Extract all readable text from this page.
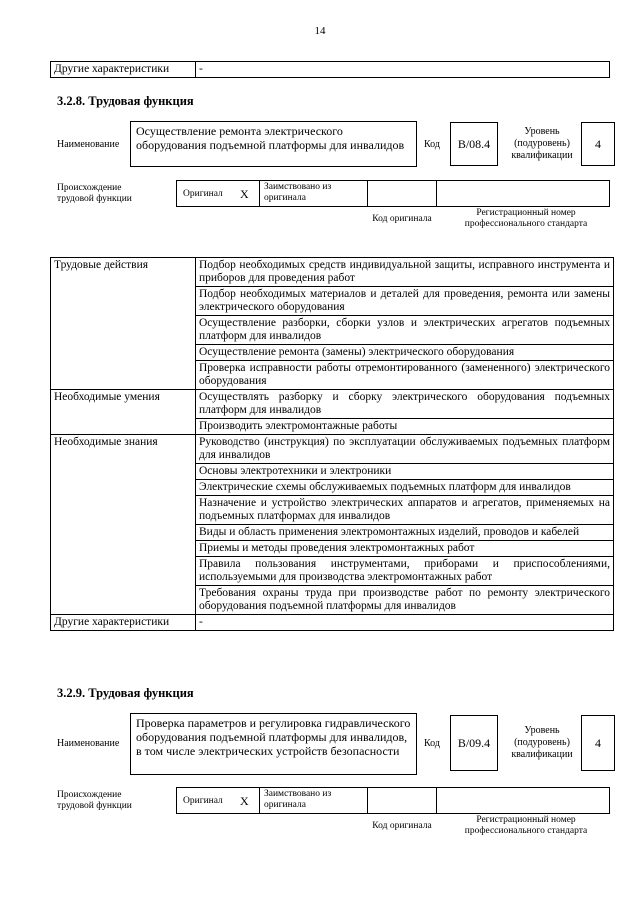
14
Другие характеристики	-
3.2.8. Трудовая функция
Наименование
Осуществление ремонта электрического оборудования подъемной платформы для инвалидов	Код	В/08.4
Уровень (подуровень) квалификации
4
Происхождение трудовой функции	Оригинал X Заимствовано из оригинала
Код оригинала
Регистрационный номер профессионального стандарта
Трудовые действия	Подбор необходимых средств индивидуальной защиты, исправного инструмента и приборов для проведения работ
	Подбор необходимых материалов и деталей для проведения, ремонта или замены электрического оборудования
	Осуществление разборки, сборки узлов и электрических агрегатов подъемных платформ для инвалидов
	Осуществление ремонта (замены) электрического оборудования
	Проверка исправности работы отремонтированного (замененного) электрического оборудования
Необходимые умения	Осуществлять разборку и сборку электрического оборудования подъемных платформ для инвалидов
	Производить электромонтажные работы
Необходимые знания	Руководство (инструкция) по эксплуатации обслуживаемых подъемных платформ для инвалидов
	Основы электротехники и электроники
	Электрические схемы обслуживаемых подъемных платформ для инвалидов
	Назначение и устройство электрических аппаратов и агрегатов, применяемых на подъемных платформах для инвалидов
	Виды и область применения электромонтажных изделий, проводов и кабелей
	Приемы и методы проведения электромонтажных работ
	Правила пользования инструментами, приборами и приспособлениями, используемыми для производства электромонтажных работ
	Требования охраны труда при производстве работ по ремонту электрического оборудования подъемной платформы для инвалидов
Другие характеристики	-
3.2.9. Трудовая функция
Наименование
Проверка параметров и регулировка гидравлического оборудования подъемной платформы для инвалидов, в том числе электрических устройств безопасности
Код	В/09.4
Уровень (подуровень) квалификации
4
Происхождение трудовой функции	Оригинал X Заимствовано из оригинала
Код оригинала
Регистрационный номер профессионального стандарта
